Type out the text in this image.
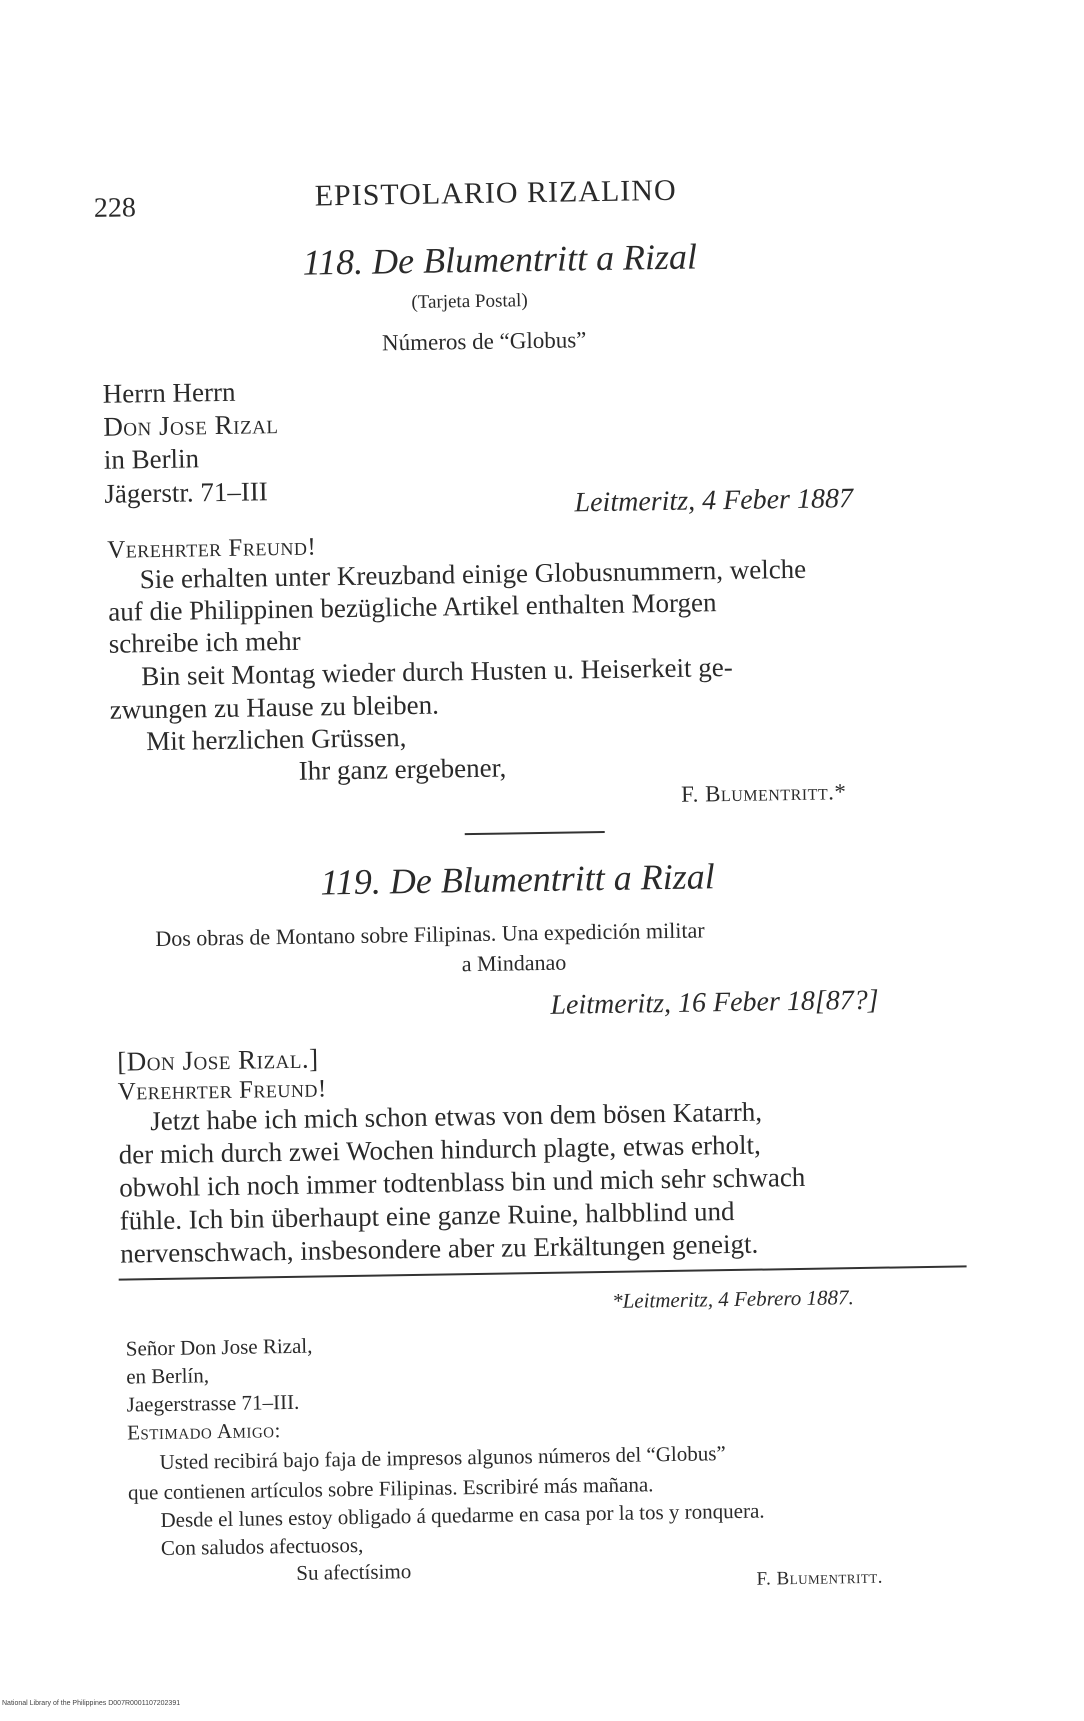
228	EPISTOLARIO RIZALINO
118. De Blumentritt a Rizal
(Tarjeta Postal)
Números de “Globus”
Herrn Herrn
Don Jose Rizal
in Berlin
Jägerstr. 71–III	Leitmeritz, 4 Feber 1887
Verehrter Freund!
Sie erhalten unter Kreuzband einige Globusnummern, welche
auf die Philippinen bezügliche Artikel enthalten Morgen
schreibe ich mehr
Bin seit Montag wieder durch Husten u. Heiserkeit ge-
zwungen zu Hause zu bleiben.
Mit herzlichen Grüssen,
Ihr ganz ergebener,
F. Blumentritt.*
119. De Blumentritt a Rizal
Dos obras de Montano sobre Filipinas. Una expedición militar
a Mindanao
Leitmeritz, 16 Feber 18[87?]
[Don Jose Rizal.]
Verehrter Freund!
Jetzt habe ich mich schon etwas von dem bösen Katarrh,
der mich durch zwei Wochen hindurch plagte, etwas erholt,
obwohl ich noch immer todtenblass bin und mich sehr schwach
fühle. Ich bin überhaupt eine ganze Ruine, halbblind und
nervenschwach, insbesondere aber zu Erkältungen geneigt.
*Leitmeritz, 4 Febrero 1887.
Señor Don Jose Rizal,
en Berlín,
Jaegerstrasse 71–III.
Estimado Amigo:
Usted recibirá bajo faja de impresos algunos números del “Globus”
que contienen artículos sobre Filipinas. Escribiré más mañana.
Desde el lunes estoy obligado á quedarme en casa por la tos y ronquera.
Con saludos afectuosos,
Su afectísimo	F. Blumentritt.
National Library of the Philippines D007R0001107202391
